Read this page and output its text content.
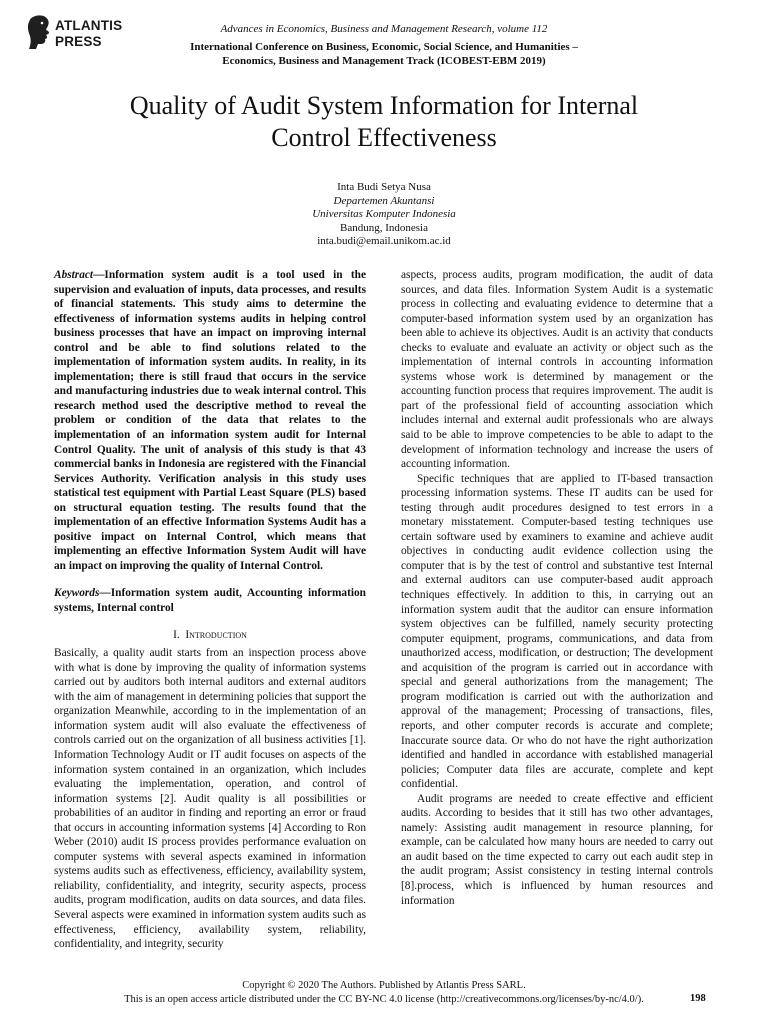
ATLANTIS
PRESS
Advances in Economics, Business and Management Research, volume 112
International Conference on Business, Economic, Social Science, and Humanities –
Economics, Business and Management Track (ICOBEST-EBM 2019)
Quality of Audit System Information for Internal
Control Effectiveness
Inta Budi Setya Nusa
Departemen Akuntansi
Universitas Komputer Indonesia
Bandung, Indonesia
inta.budi@email.unikom.ac.id

Abstract—Information system audit is a tool used in the supervision and evaluation of inputs, data processes, and results of financial statements. This study aims to determine the effectiveness of information systems audits in helping control business processes that have an impact on improving internal control and be able to find solutions related to the implementation of information system audits. In reality, in its implementation; there is still fraud that occurs in the service and manufacturing industries due to weak internal control. This research method used the descriptive method to reveal the problem or condition of the data that relates to the implementation of an information system audit for Internal Control Quality. The unit of analysis of this study is that 43 commercial banks in Indonesia are registered with the Financial Services Authority. Verification analysis in this study uses statistical test equipment with Partial Least Square (PLS) based on structural equation testing. The results found that the implementation of an effective Information Systems Audit has a positive impact on Internal Control, which means that implementing an effective Information System Audit will have an impact on improving the quality of Internal Control.

Keywords—Information system audit, Accounting information systems, Internal control

I. Introduction

Basically, a quality audit starts from an inspection process above with what is done by improving the quality of information systems carried out by auditors both internal auditors and external auditors with the aim of management in determining policies that support the organization Meanwhile, according to in the implementation of an information system audit will also evaluate the effectiveness of controls carried out on the organization of all business activities [1]. Information Technology Audit or IT audit focuses on aspects of the information system contained in an organization, which includes evaluating the implementation, operation, and control of information systems [2]. Audit quality is all possibilities or probabilities of an auditor in finding and reporting an error or fraud that occurs in accounting information systems [4] According to Ron Weber (2010) audit IS process provides performance evaluation on computer systems with several aspects examined in information systems audits such as effectiveness, efficiency, availability system, reliability, confidentiality, and integrity, security aspects, process audits, program modification, audits on data sources, and data files. Several aspects were examined in information system audits such as effectiveness, efficiency, availability system, reliability, confidentiality, and integrity, security

aspects, process audits, program modification, the audit of data sources, and data files. Information System Audit is a systematic process in collecting and evaluating evidence to determine that a computer-based information system used by an organization has been able to achieve its objectives. Audit is an activity that conducts checks to evaluate and evaluate an activity or object such as the implementation of internal controls in accounting information systems whose work is determined by management or the accounting function process that requires improvement. The audit is part of the professional field of accounting association which includes internal and external audit professionals who are always said to be able to improve competencies to be able to adapt to the development of information technology and increase the users of accounting information.

Specific techniques that are applied to IT-based transaction processing information systems. These IT audits can be used for testing through audit procedures designed to test errors in a monetary misstatement. Computer-based testing techniques use certain software used by examiners to examine and achieve audit objectives in conducting audit evidence collection using the computer that is by the test of control and substantive test Internal and external auditors can use computer-based audit approach techniques effectively. In addition to this, in carrying out an information system audit that the auditor can ensure information system objectives can be fulfilled, namely security protecting computer equipment, programs, communications, and data from unauthorized access, modification, or destruction; The development and acquisition of the program is carried out in accordance with special and general authorizations from the management; The program modification is carried out with the authorization and approval of the management; Processing of transactions, files, reports, and other computer records is accurate and complete; Inaccurate source data. Or who do not have the right authorization identified and handled in accordance with established managerial policies; Computer data files are accurate, complete and kept confidential.

Audit programs are needed to create effective and efficient audits. According to besides that it still has two other advantages, namely: Assisting audit management in resource planning, for example, can be calculated how many hours are needed to carry out an audit based on the time expected to carry out each audit step in the audit program; Assist consistency in testing internal controls [8].process, which is influenced by human resources and information

Copyright © 2020 The Authors. Published by Atlantis Press SARL.
This is an open access article distributed under the CC BY-NC 4.0 license (http://creativecommons.org/licenses/by-nc/4.0/).	198
